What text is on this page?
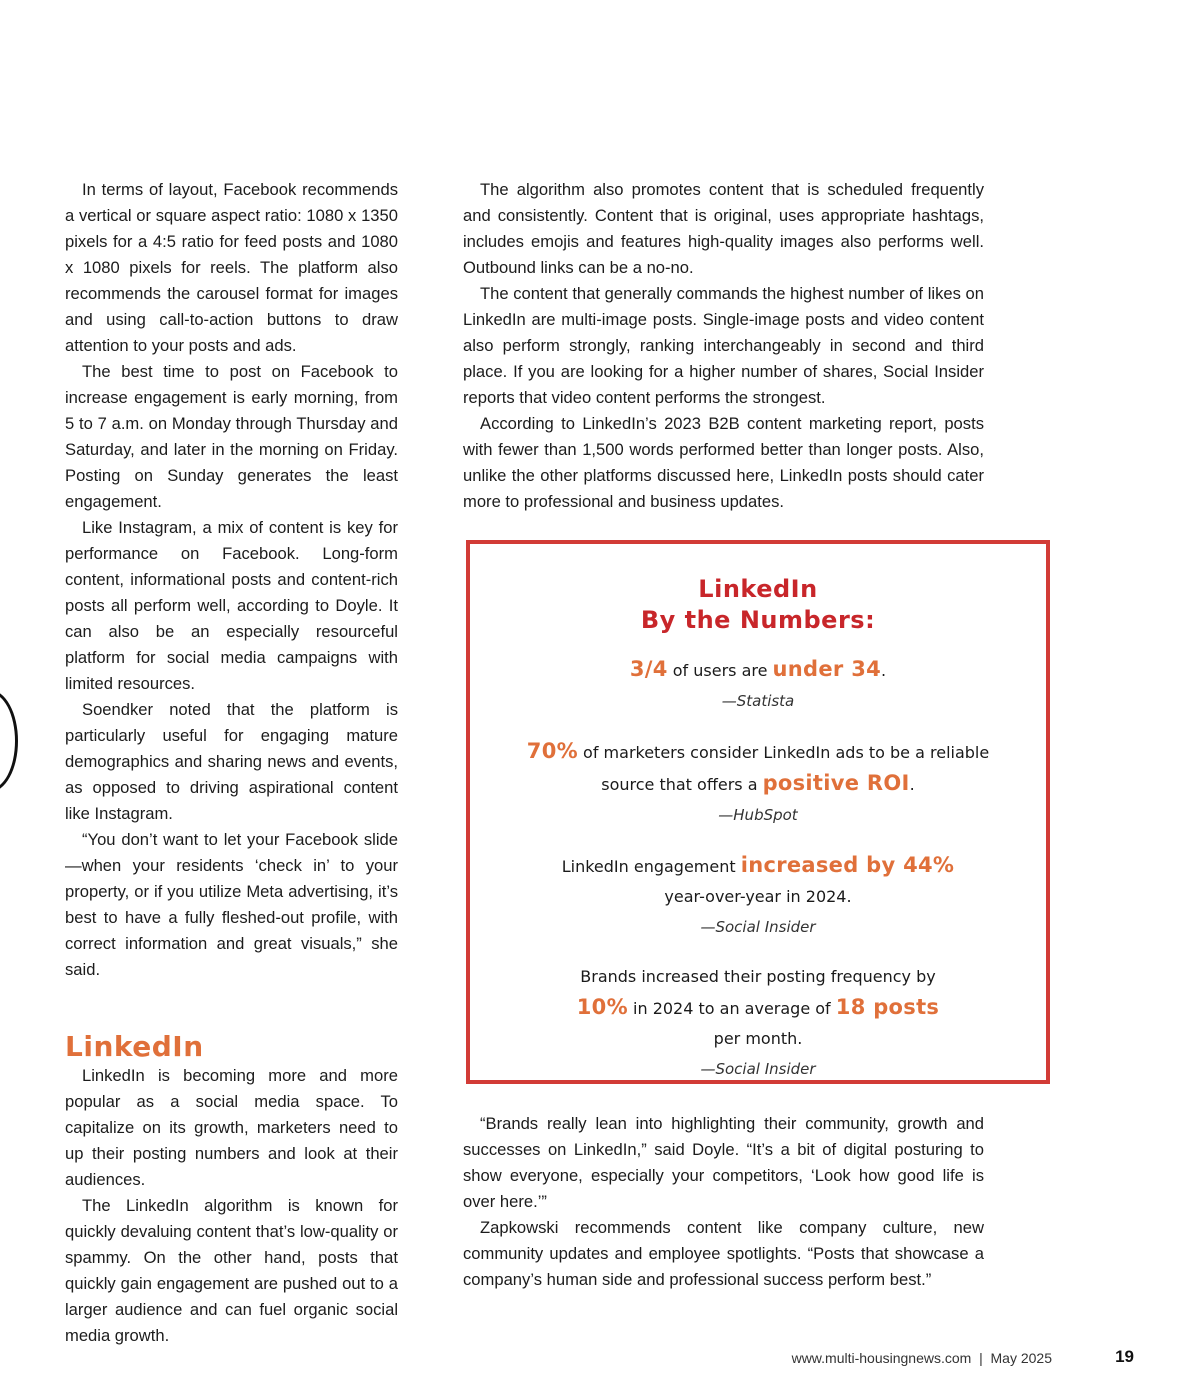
In terms of layout, Facebook recommends a vertical or square aspect ratio: 1080 x 1350 pixels for a 4:5 ratio for feed posts and 1080 x 1080 pixels for reels. The platform also recommends the carousel format for images and using call-to-action buttons to draw attention to your posts and ads.

The best time to post on Facebook to increase engagement is early morning, from 5 to 7 a.m. on Monday through Thursday and Saturday, and later in the morning on Friday. Posting on Sunday generates the least engagement.

Like Instagram, a mix of content is key for performance on Facebook. Long-form content, informational posts and content-rich posts all perform well, according to Doyle. It can also be an especially resourceful platform for social media campaigns with limited resources.

Soendker noted that the platform is particularly useful for engaging mature demographics and sharing news and events, as opposed to driving aspirational content like Instagram.

“You don’t want to let your Facebook slide—when your residents ‘check in’ to your property, or if you utilize Meta advertising, it’s best to have a fully fleshed-out profile, with correct information and great visuals,” she said.

LinkedIn

LinkedIn is becoming more and more popular as a social media space. To capitalize on its growth, marketers need to up their posting numbers and look at their audiences.

The LinkedIn algorithm is known for quickly devaluing content that’s low-quality or spammy. On the other hand, posts that quickly gain engagement are pushed out to a larger audience and can fuel organic social media growth.

The algorithm also promotes content that is scheduled frequently and consistently. Content that is original, uses appropriate hashtags, includes emojis and features high-quality images also performs well. Outbound links can be a no-no.

The content that generally commands the highest number of likes on LinkedIn are multi-image posts. Single-image posts and video content also perform strongly, ranking interchangeably in second and third place. If you are looking for a higher number of shares, Social Insider reports that video content performs the strongest.

According to LinkedIn’s 2023 B2B content marketing report, posts with fewer than 1,500 words performed better than longer posts. Also, unlike the other platforms discussed here, LinkedIn posts should cater more to professional and business updates.

LinkedIn
By the Numbers:
3/4 of users are under 34.
—Statista
70% of marketers consider LinkedIn ads to be a reliable
source that offers a positive ROI.
—HubSpot
LinkedIn engagement increased by 44%
year-over-year in 2024.
—Social Insider
Brands increased their posting frequency by
10% in 2024 to an average of 18 posts
per month.
—Social Insider

“Brands really lean into highlighting their community, growth and successes on LinkedIn,” said Doyle. “It’s a bit of digital posturing to show everyone, especially your competitors, ‘Look how good life is over here.’”

Zapkowski recommends content like company culture, new community updates and employee spotlights. “Posts that showcase a company’s human side and professional success perform best.”

www.multi-housingnews.com | May 2025	19
